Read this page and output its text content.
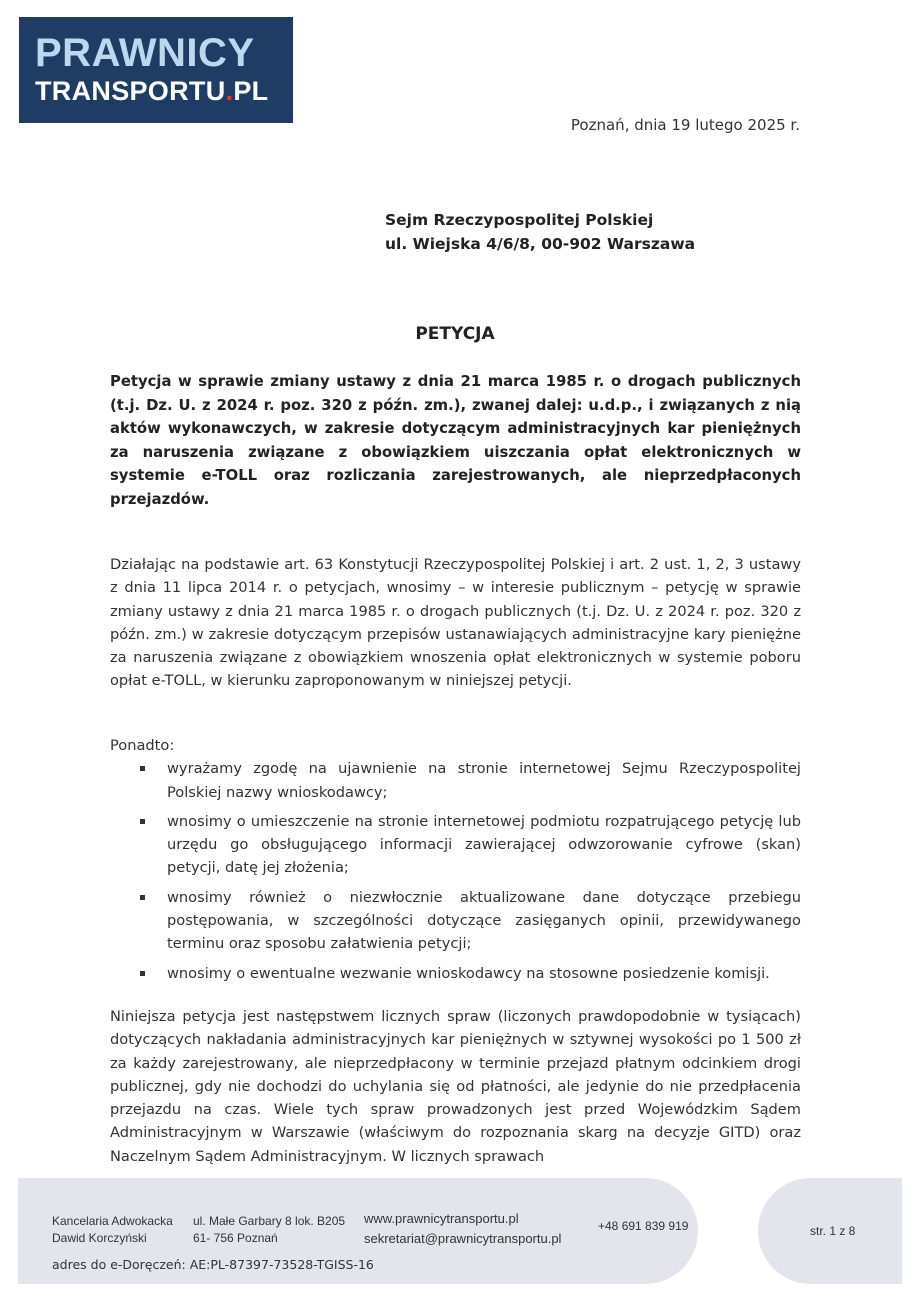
PRAWNICY
TRANSPORTU.PL
Poznań, dnia 19 lutego 2025 r.
Sejm Rzeczypospolitej Polskiej
ul. Wiejska 4/6/8, 00-902 Warszawa
PETYCJA
Petycja w sprawie zmiany ustawy z dnia 21 marca 1985 r. o drogach publicznych (t.j. Dz. U. z 2024 r. poz. 320 z późn. zm.), zwanej dalej: u.d.p., i związanych z nią aktów wykonawczych, w zakresie dotyczącym administracyjnych kar pieniężnych za naruszenia związane z obowiązkiem uiszczania opłat elektronicznych w systemie e-TOLL oraz rozliczania zarejestrowanych, ale nieprzedpłaconych przejazdów.

Działając na podstawie art. 63 Konstytucji Rzeczypospolitej Polskiej i art. 2 ust. 1, 2, 3 ustawy z dnia 11 lipca 2014 r. o petycjach, wnosimy – w interesie publicznym – petycję w sprawie zmiany ustawy z dnia 21 marca 1985 r. o drogach publicznych (t.j. Dz. U. z 2024 r. poz. 320 z późn. zm.) w zakresie dotyczącym przepisów ustanawiających administracyjne kary pieniężne za naruszenia związane z obowiązkiem wnoszenia opłat elektronicznych w systemie poboru opłat e-TOLL, w kierunku zaproponowanym w niniejszej petycji.

Ponadto:

wyrażamy zgodę na ujawnienie na stronie internetowej Sejmu Rzeczypospolitej Polskiej nazwy wnioskodawcy;
wnosimy o umieszczenie na stronie internetowej podmiotu rozpatrującego petycję lub urzędu go obsługującego informacji zawierającej odwzorowanie cyfrowe (skan) petycji, datę jej złożenia;
wnosimy również o niezwłocznie aktualizowane dane dotyczące przebiegu postępowania, w szczególności dotyczące zasięganych opinii, przewidywanego terminu oraz sposobu załatwienia petycji;
wnosimy o ewentualne wezwanie wnioskodawcy na stosowne posiedzenie komisji.

Niniejsza petycja jest następstwem licznych spraw (liczonych prawdopodobnie w tysiącach) dotyczących nakładania administracyjnych kar pieniężnych w sztywnej wysokości po 1 500 zł za każdy zarejestrowany, ale nieprzedpłacony w terminie przejazd płatnym odcinkiem drogi publicznej, gdy nie dochodzi do uchylania się od płatności, ale jedynie do nie przedpłacenia przejazdu na czas. Wiele tych spraw prowadzonych jest przed Wojewódzkim Sądem Administracyjnym w Warszawie (właściwym do rozpoznania skarg na decyzje GITD) oraz Naczelnym Sądem Administracyjnym. W licznych sprawach

Kancelaria Adwokacka
Dawid Korczyński
ul. Małe Garbary 8 lok. B205
61- 756 Poznań
www.prawnicytransportu.pl
sekretariat@prawnicytransportu.pl
+48 691 839 919	str. 1 z 8
adres do e-Doręczeń: AE:PL-87397-73528-TGISS-16
